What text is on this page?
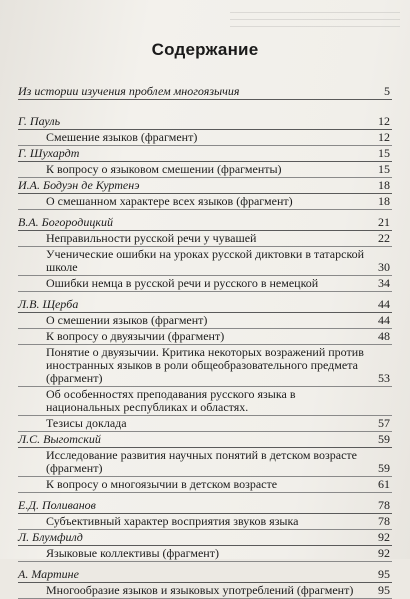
Содержание
Из истории изучения проблем многоязычия	5
Г. Пауль	12
Смешение языков (фрагмент)	12
Г. Шухардт	15
К вопросу о языковом смешении (фрагменты)	15
И.А. Бодуэн де Куртенэ	18
О смешанном характере всех языков (фрагмент)	18
В.А. Богородицкий	21
Неправильности русской речи у чувашей	22
Ученические ошибки на уроках русской диктовки в татарской школе	30
Ошибки немца в русской речи и русского в немецкой	34
Л.В. Щерба	44
О смешении языков (фрагмент)	44
К вопросу о двуязычии (фрагмент)	48
Понятие о двуязычии. Критика некоторых возражений против иностранных языков в роли общеобразовательного предмета (фрагмент)	53
Об особенностях преподавания русского языка в национальных республиках и областях.
Тезисы доклада	57
Л.С. Выготский	59
Исследование развития научных понятий в детском возрасте (фрагмент)	59
К вопросу о многоязычии в детском возрасте	61
Е.Д. Поливанов	78
Субъективный характер восприятия звуков языка	78
Л. Блумфилд	92
Языковые коллективы (фрагмент)	92
А. Мартине	95
Многообразие языков и языковых употреблений (фрагмент)	95
